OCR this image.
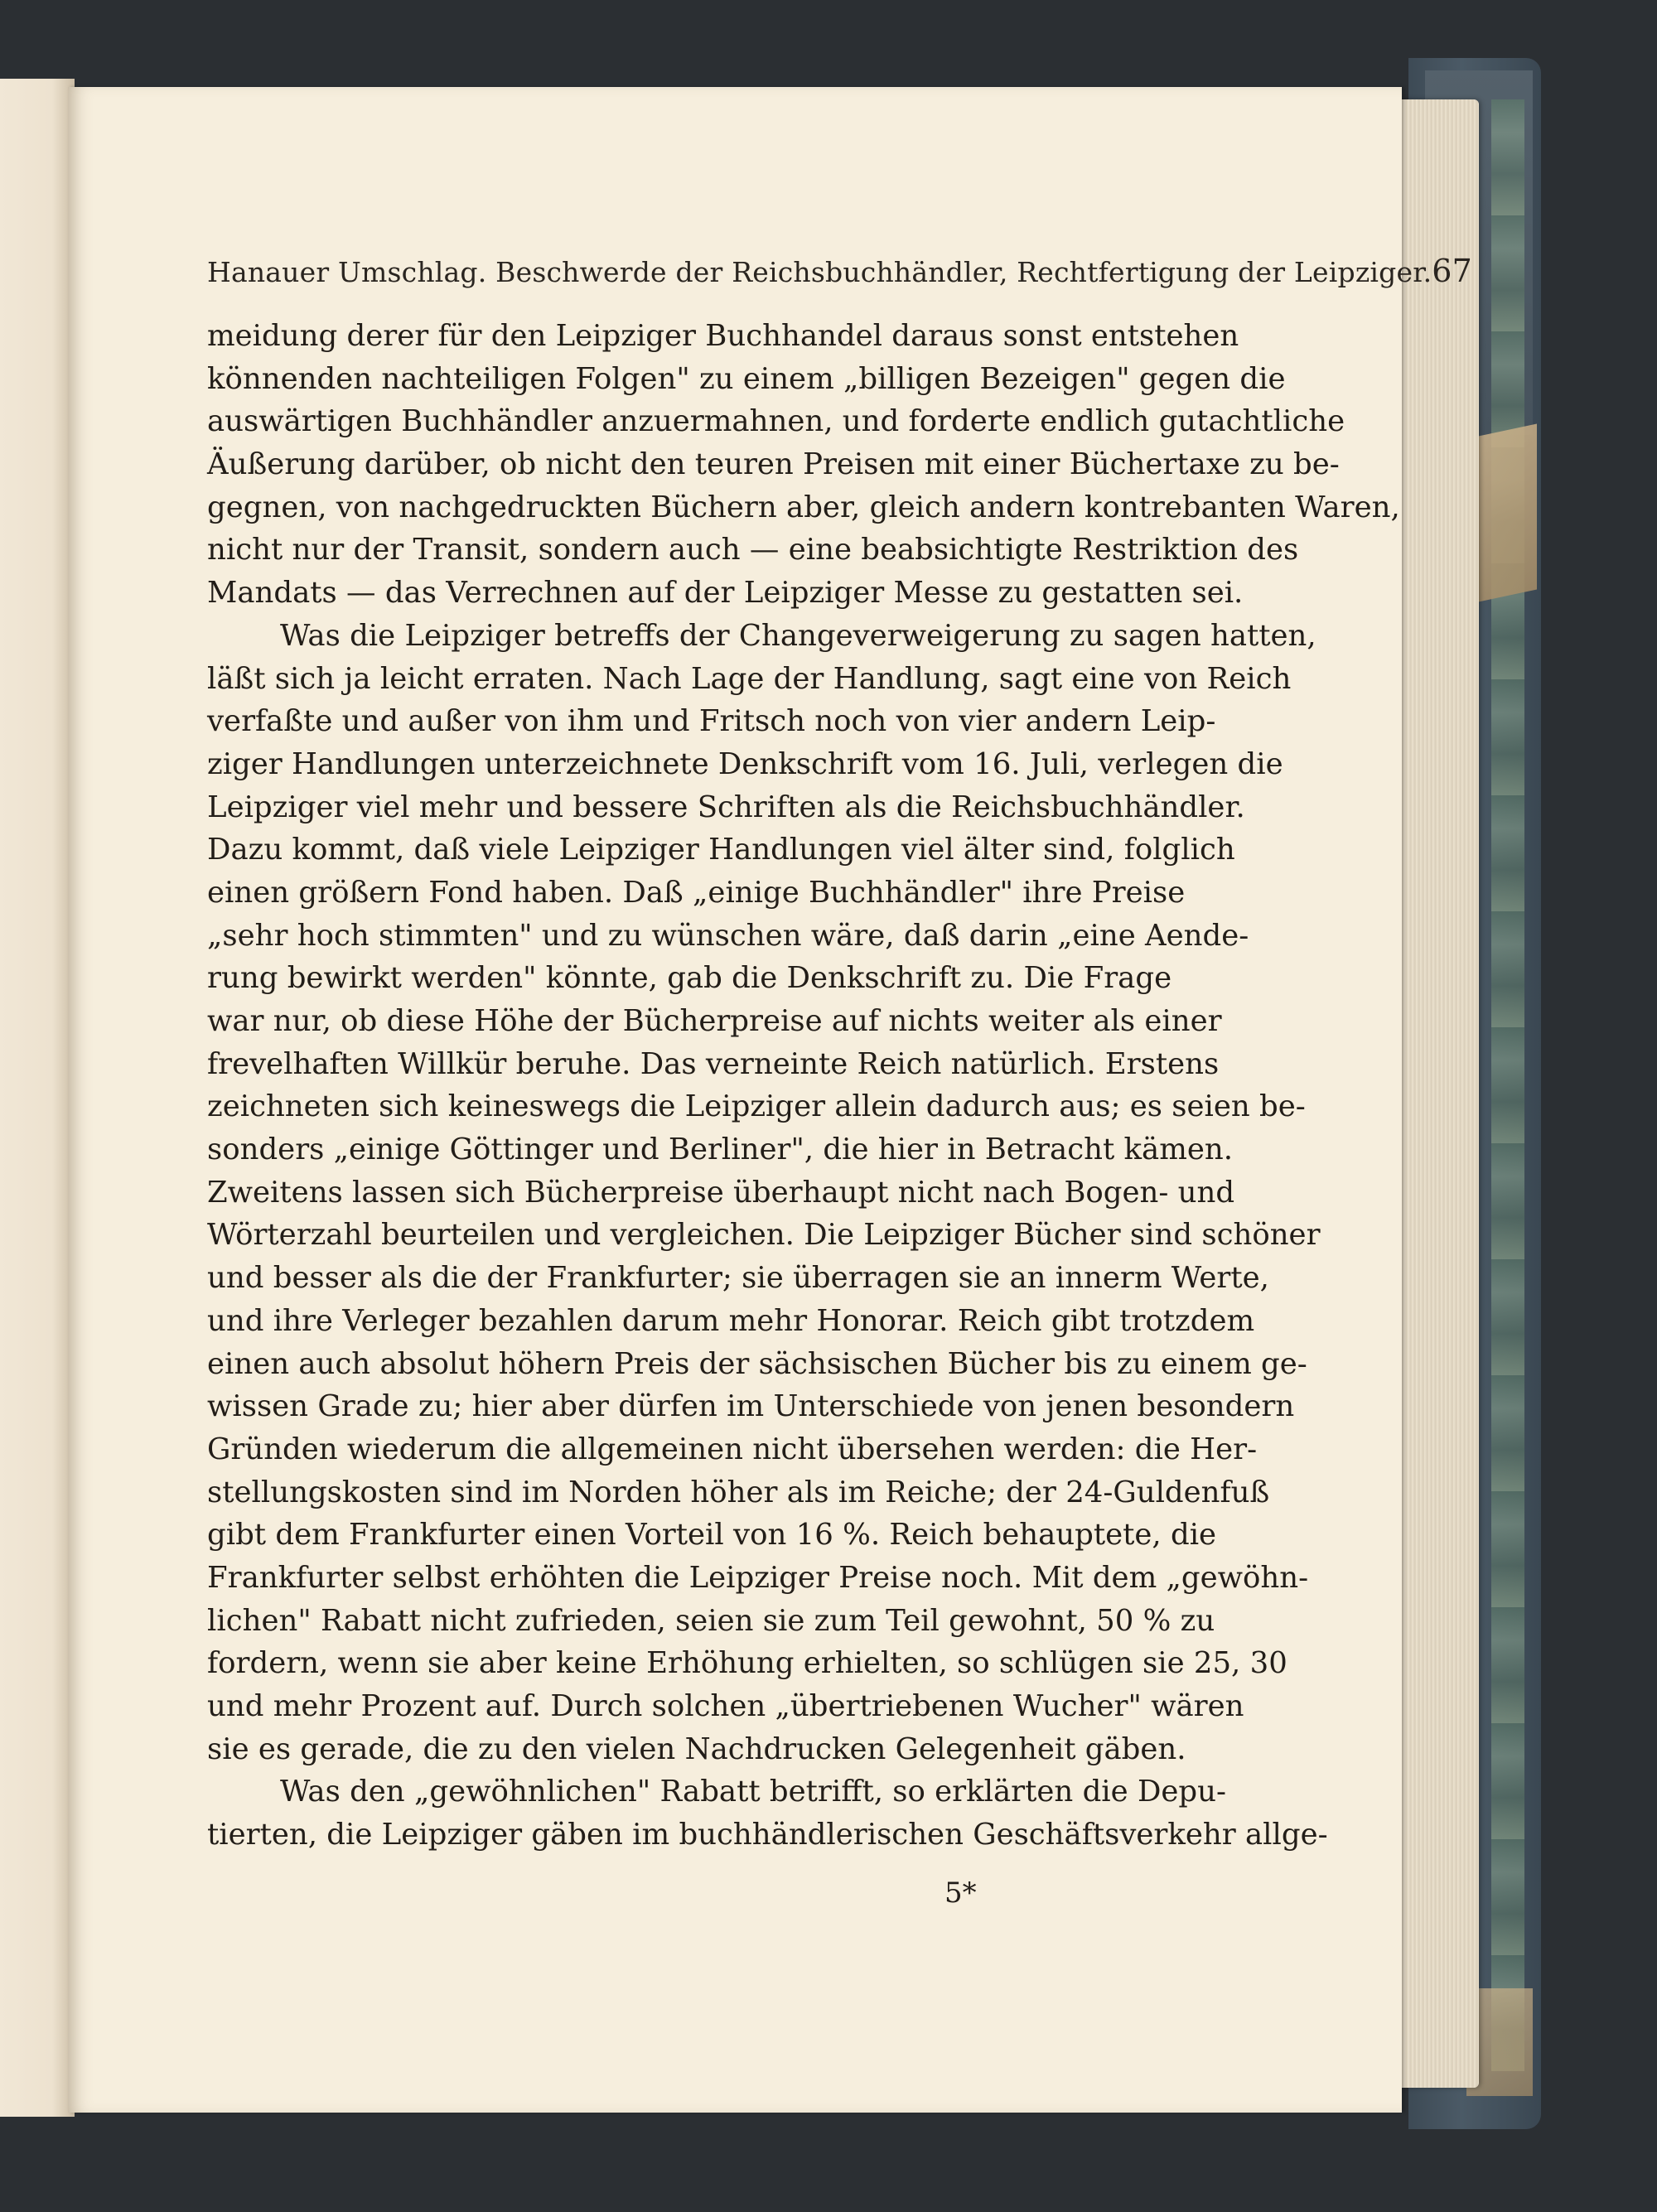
Hanauer Umschlag. Beschwerde der Reichsbuchhändler, Rechtfertigung der Leipziger. 67
meidung derer für den Leipziger Buchhandel daraus sonst entstehen
könnenden nachteiligen Folgen" zu einem „billigen Bezeigen" gegen die
auswärtigen Buchhändler anzuermahnen, und forderte endlich gutachtliche
Äußerung darüber, ob nicht den teuren Preisen mit einer Büchertaxe zu be-
gegnen, von nachgedruckten Büchern aber, gleich andern kontrebanten Waren,
nicht nur der Transit, sondern auch — eine beabsichtigte Restriktion des
Mandats — das Verrechnen auf der Leipziger Messe zu gestatten sei.
Was die Leipziger betreffs der Changeverweigerung zu sagen hatten,
läßt sich ja leicht erraten. Nach Lage der Handlung, sagt eine von Reich
verfaßte und außer von ihm und Fritsch noch von vier andern Leip-
ziger Handlungen unterzeichnete Denkschrift vom 16. Juli, verlegen die
Leipziger viel mehr und bessere Schriften als die Reichsbuchhändler.
Dazu kommt, daß viele Leipziger Handlungen viel älter sind, folglich
einen größern Fond haben. Daß „einige Buchhändler" ihre Preise
„sehr hoch stimmten" und zu wünschen wäre, daß darin „eine Aende-
rung bewirkt werden" könnte, gab die Denkschrift zu. Die Frage
war nur, ob diese Höhe der Bücherpreise auf nichts weiter als einer
frevelhaften Willkür beruhe. Das verneinte Reich natürlich. Erstens
zeichneten sich keineswegs die Leipziger allein dadurch aus; es seien be-
sonders „einige Göttinger und Berliner", die hier in Betracht kämen.
Zweitens lassen sich Bücherpreise überhaupt nicht nach Bogen- und
Wörterzahl beurteilen und vergleichen. Die Leipziger Bücher sind schöner
und besser als die der Frankfurter; sie überragen sie an innerm Werte,
und ihre Verleger bezahlen darum mehr Honorar. Reich gibt trotzdem
einen auch absolut höhern Preis der sächsischen Bücher bis zu einem ge-
wissen Grade zu; hier aber dürfen im Unterschiede von jenen besondern
Gründen wiederum die allgemeinen nicht übersehen werden: die Her-
stellungskosten sind im Norden höher als im Reiche; der 24-Guldenfuß
gibt dem Frankfurter einen Vorteil von 16 %. Reich behauptete, die
Frankfurter selbst erhöhten die Leipziger Preise noch. Mit dem „gewöhn-
lichen" Rabatt nicht zufrieden, seien sie zum Teil gewohnt, 50 % zu
fordern, wenn sie aber keine Erhöhung erhielten, so schlügen sie 25, 30
und mehr Prozent auf. Durch solchen „übertriebenen Wucher" wären
sie es gerade, die zu den vielen Nachdrucken Gelegenheit gäben.
Was den „gewöhnlichen" Rabatt betrifft, so erklärten die Depu-
tierten, die Leipziger gäben im buchhändlerischen Geschäftsverkehr allge-
5*
